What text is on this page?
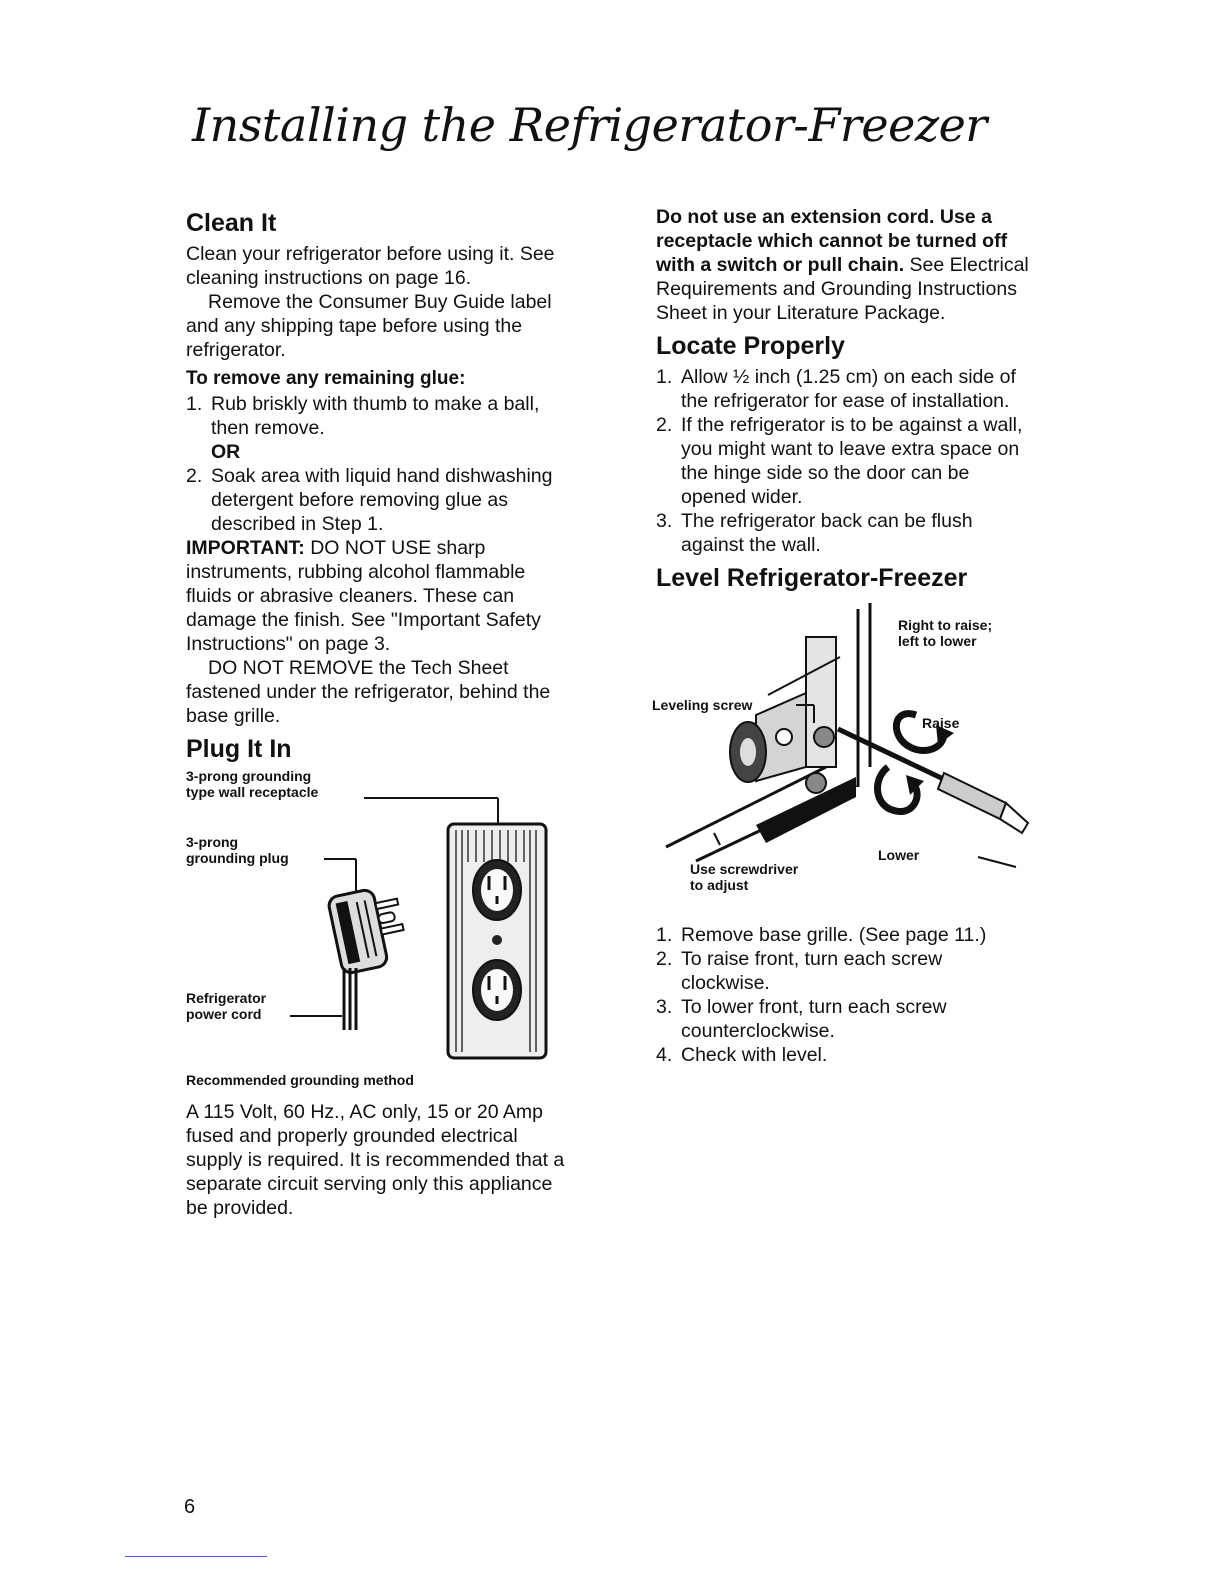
Installing the Refrigerator-Freezer
Clean It

Clean your refrigerator before using it. See cleaning instructions on page 16.

Remove the Consumer Buy Guide label and any shipping tape before using the refrigerator.

To remove any remaining glue:

1. Rub briskly with thumb to make a ball, then remove.
OR
2. Soak area with liquid hand dishwashing detergent before removing glue as described in Step 1.

IMPORTANT: DO NOT USE sharp instruments, rubbing alcohol flammable fluids or abrasive cleaners. These can damage the finish. See "Important Safety Instructions" on page 3.

DO NOT REMOVE the Tech Sheet fastened under the refrigerator, behind the base grille.

Plug It In
3-prong grounding
type wall receptacle
3-prong
grounding plug
Refrigerator
power cord

Recommended grounding method

A 115 Volt, 60 Hz., AC only, 15 or 20 Amp fused and properly grounded electrical supply is required. It is recommended that a separate circuit serving only this appliance be provided.

Do not use an extension cord. Use a receptacle which cannot be turned off with a switch or pull chain. See Electrical Requirements and Grounding Instructions Sheet in your Literature Package.

Locate Properly
1. Allow ½ inch (1.25 cm) on each side of the refrigerator for ease of installation.
2. If the refrigerator is to be against a wall, you might want to leave extra space on the hinge side so the door can be opened wider.
3. The refrigerator back can be flush against the wall.
Level Refrigerator-Freezer
Right to raise;
left to lower
Leveling screw
Raise
Lower
Use screwdriver
to adjust
1. Remove base grille. (See page 11.)
2. To raise front, turn each screw clockwise.
3. To lower front, turn each screw counterclockwise.
4. Check with level.
6
